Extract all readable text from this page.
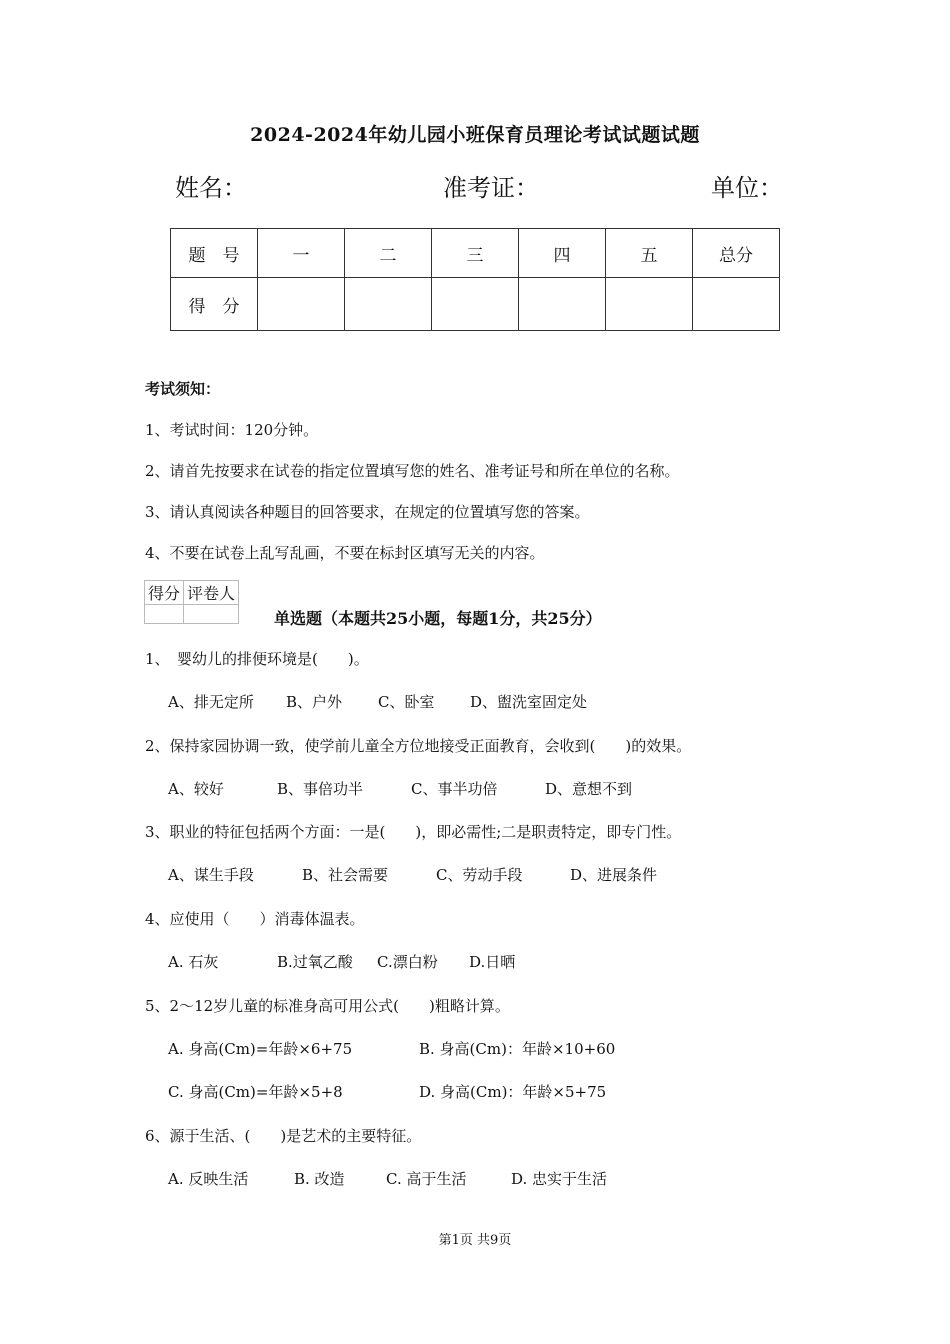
2024-2024年幼儿园小班保育员理论考试试题试题
姓名：	准考证：	单位：
题　号	一	二	三	四	五	总分
得　分						
考试须知：
1、考试时间：120分钟。
2、请首先按要求在试卷的指定位置填写您的姓名、准考证号和所在单位的名称。
3、请认真阅读各种题目的回答要求，在规定的位置填写您的答案。
4、不要在试卷上乱写乱画，不要在标封区填写无关的内容。
得分	评卷人

单选题（本题共25小题，每题1分，共25分）
1、　婴幼儿的排便环境是(　　)。
A、排无定所 B、户外 C、卧室 D、盥洗室固定处
2、保持家园协调一致，使学前儿童全方位地接受正面教育，会收到(　　)的效果。
A、较好	B、事倍功半	C、事半功倍	D、意想不到
3、职业的特征包括两个方面：一是(　　)，即必需性;二是职责特定，即专门性。
A、谋生手段	B、社会需要	C、劳动手段	D、进展条件
4、应使用（　　）消毒体温表。
A. 石灰	B.过氧乙酸 C.漂白粉 D.日晒
5、2～12岁儿童的标准身高可用公式(　　)粗略计算。
A. 身高(Cm)=年龄×6+75	B. 身高(Cm)：年龄×10+60
C. 身高(Cm)=年龄×5+8	D. 身高(Cm)：年龄×5+75
6、源于生活、(　　)是艺术的主要特征。
A. 反映生活	B. 改造	C. 高于生活	D. 忠实于生活
第1页 共9页
